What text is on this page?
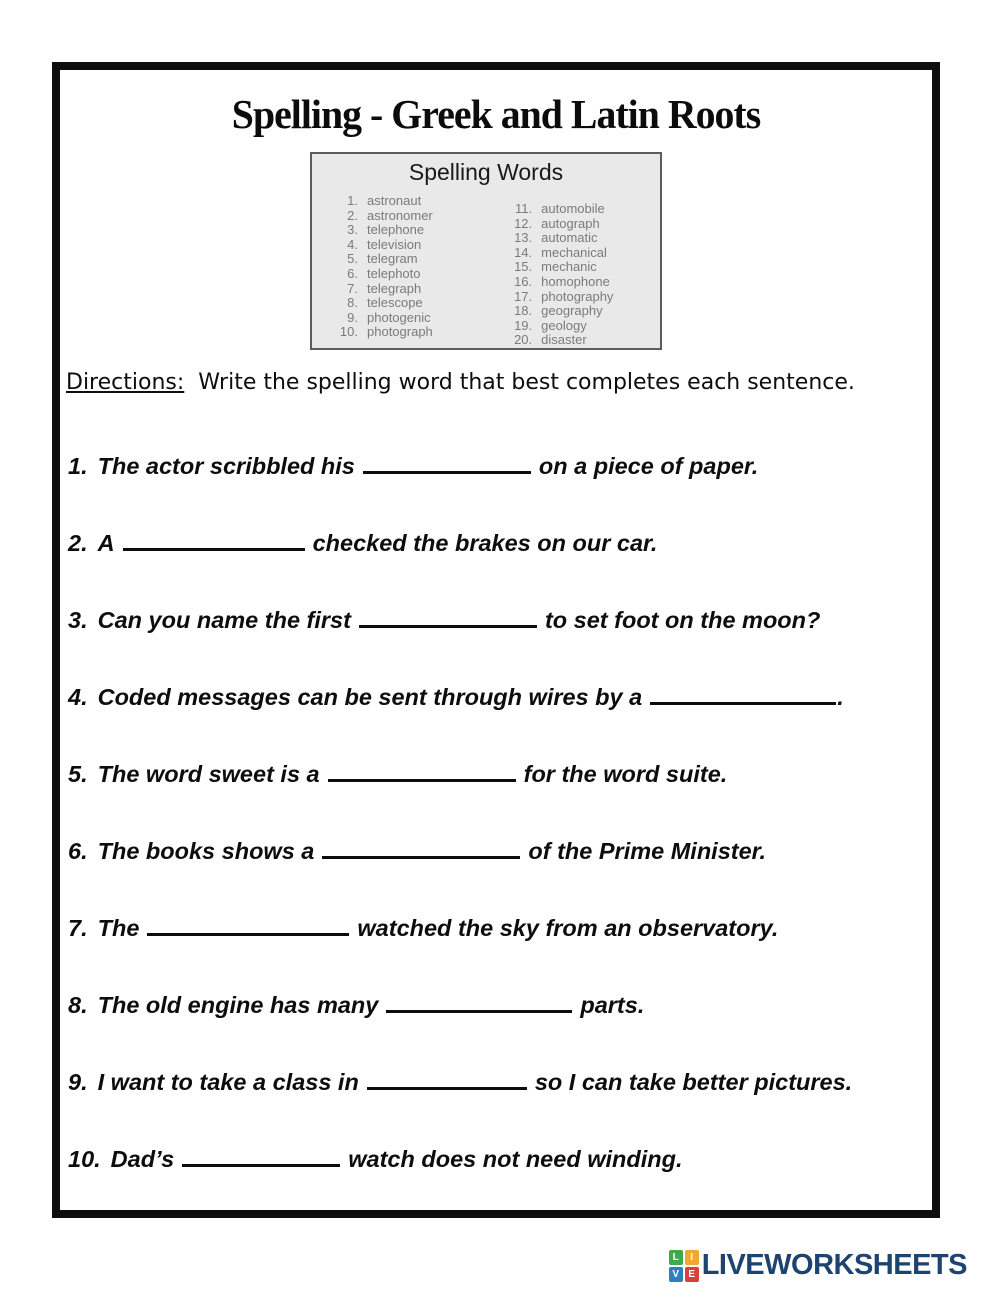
Spelling - Greek and Latin Roots
Spelling Words
1. astronaut
2. astronomer
3. telephone
4. television
5. telegram
6. telephoto
7. telegraph
8. telescope
9. photogenic
10. photograph
11. automobile
12. autograph
13. automatic
14. mechanical
15. mechanic
16. homophone
17. photography
18. geography
19. geology
20. disaster
Directions: Write the spelling word that best completes each sentence.
1. The actor scribbled his	on a piece of paper.
2. A	checked the brakes on our car.
3. Can you name the first	to set foot on the moon?
4. Coded messages can be sent through wires by a	.
5. The word sweet is a	for the word suite.
6. The books shows a	of the Prime Minister.
7. The	watched the sky from an observatory.
8. The old engine has many	parts.
9. I want to take a class in	so I can take better pictures.
10. Dad’s	watch does not need winding.
L	I
V E LIVEWORKSHEETS
